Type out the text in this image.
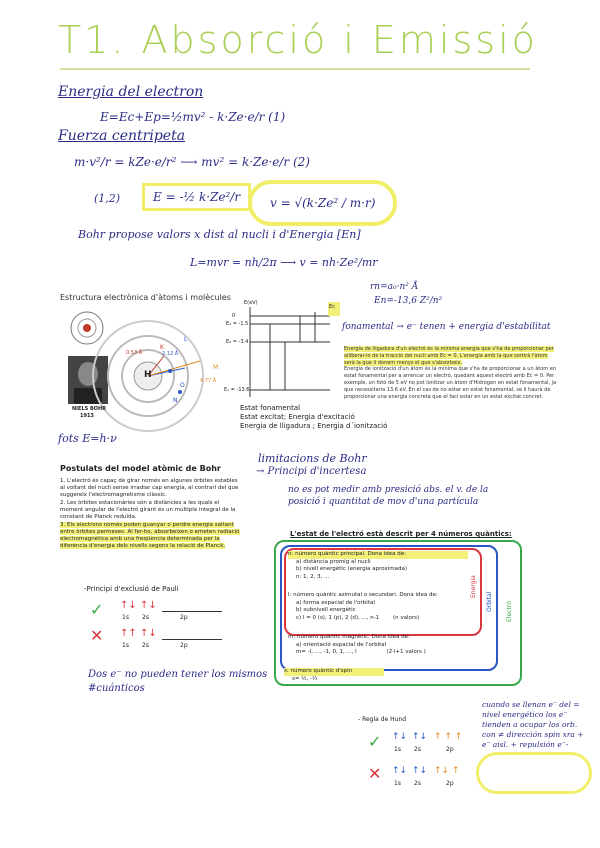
T1. Absorció i Emissió
Energia del electron
E=Ec+Ep=½mv² - k·Ze·e/r (1)
Fuerza centripeta
m·v²/r = kZe·e/r² ⟶ mv² = k·Ze·e/r (2)
(1,2)	E = -½ k·Ze²/r	v = √(k·Ze² / m·r)
Bohr propose valors x dist al nucli i d'Energia [En]
L=mvr = nh/2π ⟶ v = nh·Ze²/mr
rn=a₀·n² Å
En=-13,6 Z²/n²
Estructura electrònica d'àtoms i molècules
H
K
L
M
N
O
0.53 Å	2.12 Å
4.77 Å
NIELS BOHR
1913
E(eV)
Ec
0
E₃ = -1.5
E₂ = -3.4
E₁ = -13.6
Estat fonamental
Estat excitat; Energia d'excitació
Energia de lligadura ; Energia d´ionització
fonamental → e⁻ tenen + energia d'estabilitat
Energia de lligadura d'un electró és la mínima energia que s'ha de proporcionar per alliberar-lo de la tracció del nucli amb Ec = 0. L'energia amb la que sortirà l'àtom serà la que li donem menys el que s'absorbeix.
Energia de ionització d'un àtom és la mínima que s'ha de proporcionar a un àtom en estat fonamental per a arrencar un electró, quedant aquest electró amb Ec = 0. Per exemple, un fotó de 5 eV no pot ionitzar un àtom d'Hidrogen en estat fonamental, ja que necessitaria 13.6 eV. En el cas de no estar en estat fonamental, se li haurà de proporcionar una energia concreta que el faci estar en un estat excitat concret.
fots E=h·ν
Postulats del model atòmic de Bohr
1. L'electró és capaç de girar només en algunes òrbites estables al voltant del nucli sense irradiar cap energia, al contrari del que suggereix l'electromagnetisme clàssic.
2. Les òrbites estacionàries són a distàncies a les quals el moment angular de l'electró girant és un múltiple integral de la constant de Planck reduïda.
3. Els electrons només poden guanyar o perdre energia saltant entre òrbites permeses. Al fer-ho, absorbeixen o emeten radiació electromagnètica amb una freqüència determinada per la diferència d'energia dels nivells segons la relació de Planck.
limitacions de Bohr
→ Principi d'incertesa
no es pot medir amb presició abs. el v. de la posició i quantitat de mov d'una partícula
-Principi d'exclusió de Pauli
✓ ↑↓ ↑↓
1s 2s	2p
✕ ↑↑ ↑↓
1s 2s	2p
Dos e⁻ no pueden tener los mismos #cuánticos
L'estat de l'electró està descrit per 4 números quàntics:
Energia
Orbital Electró
n: número quàntic principal. Dona idea de:
a) distància promig al nucli
b) nivell energètic (energia aproximada)
n: 1, 2, 3, ...
l: número quàntic azimutal o secundari. Dona idea de:
a) forma espacial de l'orbital
b) subnivell energètic
c) l = 0 (s), 1 (p), 2 (d), ..., n-1	(n valors)
m: número quàntic magnètic. Dona idea de:
a) orientació espacial de l'orbital
m= -l, ..., -1, 0, 1, ..., l	(2·l+1 valors )
s: número quàntic d'spin
s= ½, -½
- Regla de Hund
✓ ↑↓ ↑↓ ↑ ↑ ↑
1s 2s	2p
✕ ↑↓ ↑↓ ↑↓ ↑
1s 2s	2p
cuando se llenan e⁻ del = nivel energético los e⁻ tienden a ocupar los orb. con ≠ dirección spin xra + e⁻ aisl. + repulsión e⁻-
